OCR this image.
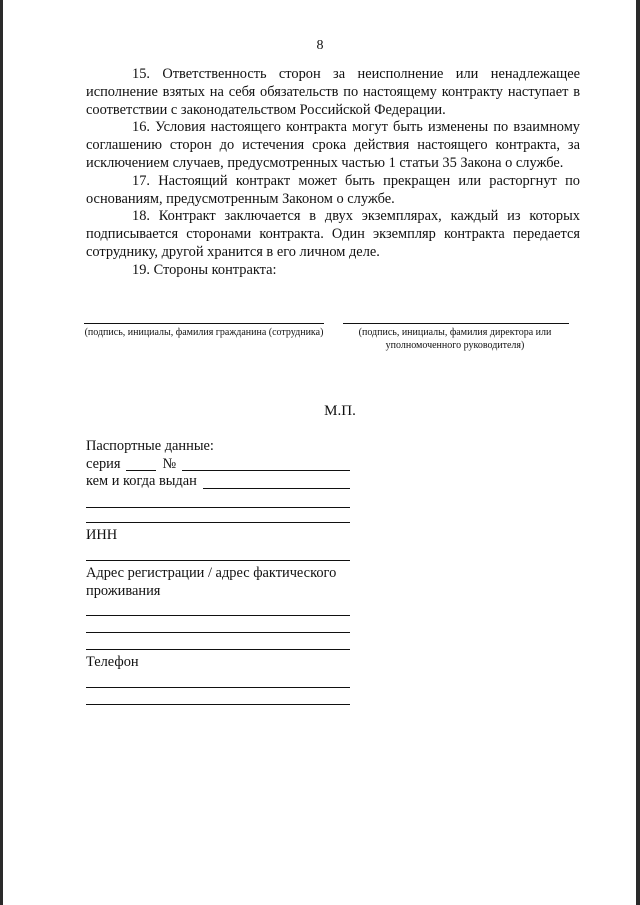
8

15. Ответственность сторон за неисполнение или ненадлежащее исполнение взятых на себя обязательств по настоящему контракту наступает в соответствии с законодательством Российской Федерации.

16. Условия настоящего контракта могут быть изменены по взаимному соглашению сторон до истечения срока действия настоящего контракта, за исключением случаев, предусмотренных частью 1 статьи 35 Закона о службе.

17. Настоящий контракт может быть прекращен или расторгнут по основаниям, предусмотренным Законом о службе.

18. Контракт заключается в двух экземплярах, каждый из которых подписывается сторонами контракта. Один экземпляр контракта передается сотруднику, другой хранится в его личном деле.

19. Стороны контракта:

(подпись, инициалы, фамилия гражданина (сотрудника)	(подпись, инициалы, фамилия директора или уполномоченного руководителя)
М.П.
Паспортные данные:
серия	№
кем и когда выдан
ИНН
Адрес регистрации / адрес фактического проживания
Телефон
